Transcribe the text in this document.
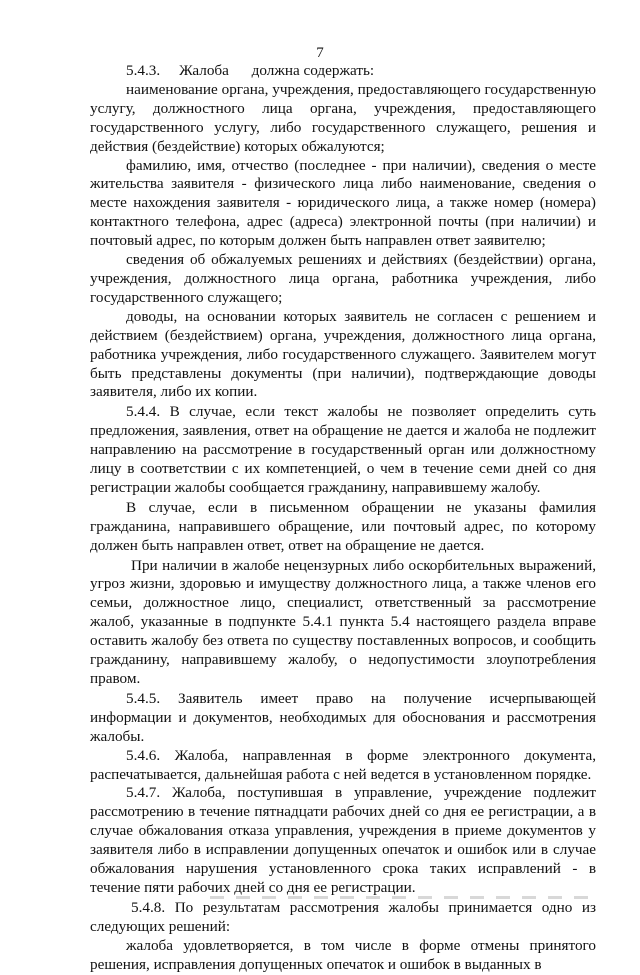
7

5.4.3.     Жалоба      должна содержать:

наименование органа, учреждения, предоставляющего государственную услугу, должностного лица органа, учреждения, предоставляющего государственного услугу, либо государственного служащего, решения и действия (бездействие) которых обжалуются;

фамилию, имя, отчество (последнее - при наличии), сведения о месте жительства заявителя - физического лица либо наименование, сведения о месте нахождения заявителя - юридического лица, а также номер (номера) контактного телефона, адрес (адреса) электронной почты (при наличии) и почтовый адрес, по которым должен быть направлен ответ заявителю;

сведения об обжалуемых решениях и действиях (бездействии) органа, учреждения, должностного лица органа, работника учреждения, либо государственного служащего;

доводы, на основании которых заявитель не согласен с решением и действием (бездействием) органа, учреждения, должностного лица органа, работника учреждения, либо государственного служащего. Заявителем могут быть представлены документы (при наличии), подтверждающие доводы заявителя, либо их копии.

5.4.4. В случае, если текст жалобы не позволяет определить суть предложения, заявления, ответ на обращение не дается и жалоба не подлежит направлению на рассмотрение в государственный орган или должностному лицу в соответствии с их компетенцией, о чем в течение семи дней со дня регистрации жалобы сообщается гражданину, направившему жалобу.

В случае, если в письменном обращении не указаны фамилия гражданина, направившего обращение, или почтовый адрес, по которому должен быть направлен ответ, ответ на обращение не дается.

При наличии в жалобе нецензурных либо оскорбительных выражений, угроз жизни, здоровью и имуществу должностного лица, а также членов его семьи, должностное лицо, специалист, ответственный за рассмотрение жалоб, указанные в подпункте 5.4.1 пункта 5.4 настоящего раздела вправе оставить жалобу без ответа по существу поставленных вопросов, и сообщить гражданину, направившему жалобу, о недопустимости злоупотребления правом.

5.4.5. Заявитель имеет право на получение исчерпывающей информации и документов, необходимых для обоснования и рассмотрения жалобы.

5.4.6. Жалоба, направленная в форме электронного документа, распечатывается, дальнейшая работа с ней ведется в установленном порядке.

5.4.7. Жалоба, поступившая в управление, учреждение подлежит рассмотрению в течение пятнадцати рабочих дней со дня ее регистрации, а в случае обжалования отказа управления, учреждения в приеме документов у заявителя либо в исправлении допущенных опечаток и ошибок или в случае обжалования нарушения установленного срока таких исправлений - в течение пяти рабочих дней со дня ее регистрации.

5.4.8. По результатам рассмотрения жалобы принимается одно из следующих решений:

жалоба удовлетворяется, в том числе в форме отмены принятого решения, исправления допущенных опечаток и ошибок в выданных в
